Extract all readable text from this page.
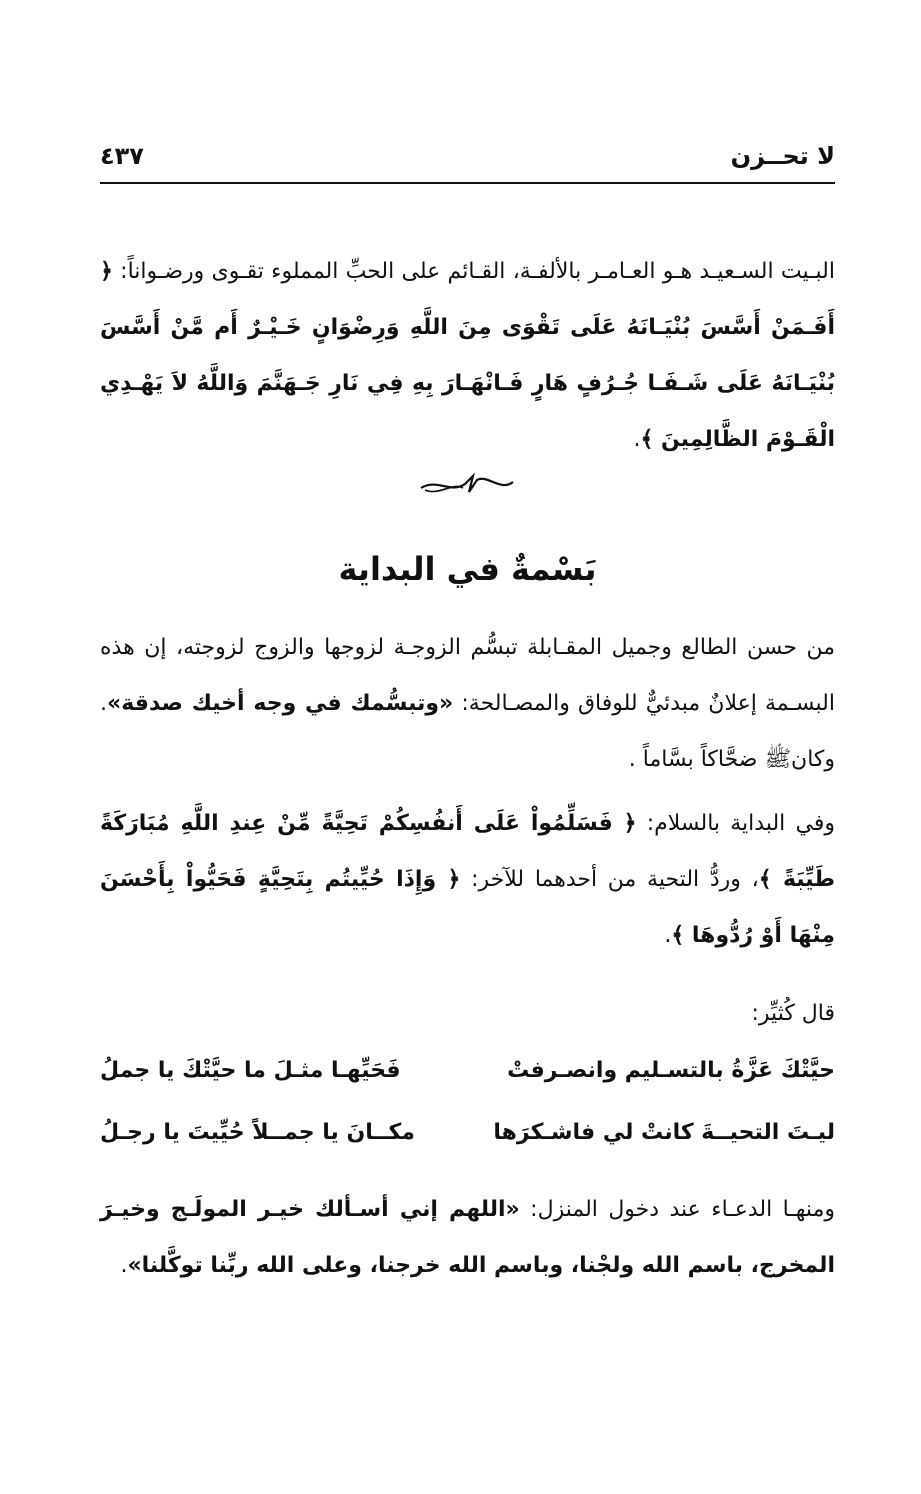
لا تحــزن
٤٣٧

البـيت السـعيـد هـو العـامـر بالألفـة، القـائم على الحبِّ المملوء تقـوى ورضـواناً: ﴿ أَفَـمَنْ أَسَّسَ بُنْيَـانَهُ عَلَى تَقْوَى مِنَ اللَّهِ وَرِضْوَانٍ خَـيْـرٌ أَم مَّنْ أَسَّسَ بُنْيَـانَهُ عَلَى شَـفَـا جُـرُفٍ هَارٍ فَـانْهَـارَ بِهِ فِي نَارِ جَـهَنَّمَ وَاللَّهُ لاَ يَهْـدِي الْقَـوْمَ الظَّالِمِينَ ﴾.

بَسْمةٌ في البداية

من حسن الطالع وجميل المقـابلة تبسُّم الزوجـة لزوجها والزوج لزوجته، إن هذه البسـمة إعلانٌ مبدئيٌّ للوفاق والمصـالحة: «وتبسُّمك في وجه أخيك صدقة». وكانﷺ ضحَّاكاً بسَّاماً .

وفي البداية بالسلام: ﴿ فَسَلِّمُواْ عَلَى أَنفُسِكُمْ تَحِيَّةً مِّنْ عِندِ اللَّهِ مُبَارَكَةً طَيِّبَةً ﴾، وردُّ التحية من أحدهما للآخر: ﴿ وَإِذَا حُيِّيتُم بِتَحِيَّةٍ فَحَيُّواْ بِأَحْسَنَ مِنْهَا أَوْ رُدُّوهَا ﴾.

قال كُثيِّر:

حيَّتْكَ عَزَّةُ بالتسـليم وانصـرفتْ
فَحَيِّهـا مثـلَ ما حيَّتْكَ يا جملُ
ليـتَ التحيــةَ كانتْ لي فاشـكرَها
مكــانَ يا جمــلاً حُيِّيتَ يا رجـلُ

ومنهـا الدعـاء عند دخول المنزل: «اللهم إني أسـألك خيـر المولَـج وخيـرَ المخرج، باسم الله ولجْنا، وباسم الله خرجنا، وعلى الله ربِّنا توكَّلنا».
